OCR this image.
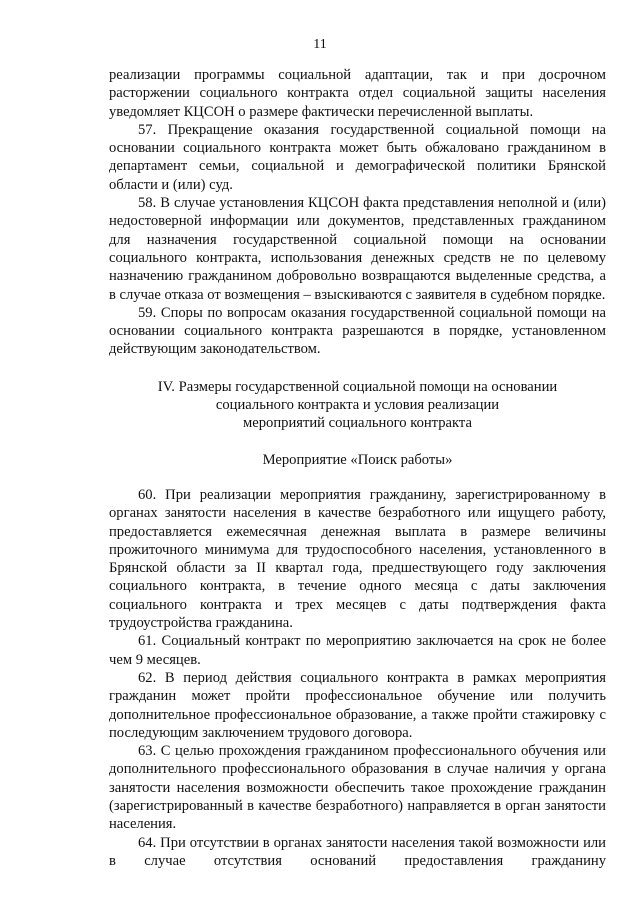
11

реализации программы социальной адаптации, так и при досрочном расторжении социального контракта отдел социальной защиты населения уведомляет КЦСОН о размере фактически перечисленной выплаты.

57. Прекращение оказания государственной социальной помощи на основании социального контракта может быть обжаловано гражданином в департамент семьи, социальной и демографической политики Брянской области и (или) суд.

58. В случае установления КЦСОН факта представления неполной и (или) недостоверной информации или документов, представленных гражданином для назначения государственной социальной помощи на основании социального контракта, использования денежных средств не по целевому назначению гражданином добровольно возвращаются выделенные средства, а в случае отказа от возмещения – взыскиваются с заявителя в судебном порядке.

59. Споры по вопросам оказания государственной социальной помощи на основании социального контракта разрешаются в порядке, установленном действующим законодательством.

IV. Размеры государственной социальной помощи на основании
социального контракта и условия реализации
мероприятий социального контракта
Мероприятие «Поиск работы»

60. При реализации мероприятия гражданину, зарегистрированному в органах занятости населения в качестве безработного или ищущего работу, предоставляется ежемесячная денежная выплата в размере величины прожиточного минимума для трудоспособного населения, установленного в Брянской области за II квартал года, предшествующего году заключения социального контракта, в течение одного месяца с даты заключения социального контракта и трех месяцев с даты подтверждения факта трудоустройства гражданина.

61. Социальный контракт по мероприятию заключается на срок не более чем 9 месяцев.

62. В период действия социального контракта в рамках мероприятия гражданин может пройти профессиональное обучение или получить дополнительное профессиональное образование, а также пройти стажировку с последующим заключением трудового договора.

63. С целью прохождения гражданином профессионального обучения или дополнительного профессионального образования в случае наличия у органа занятости населения возможности обеспечить такое прохождение гражданин (зарегистрированный в качестве безработного) направляется в орган занятости населения.

64. При отсутствии в органах занятости населения такой возможности или в случае отсутствия оснований предоставления гражданину
